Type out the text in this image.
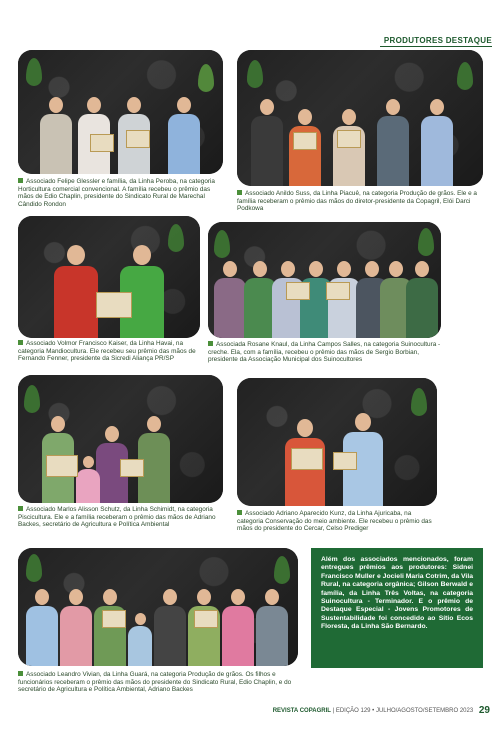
PRODUTORES DESTAQUE
Associado Felipe Glessler e família, da Linha Peroba, na categoria Horticultura comercial convencional. A família recebeu o prêmio das mãos de Edio Chaplin, presidente do Sindicato Rural de Marechal Cândido Rondon
Associado Anildo Suss, da Linha Piacuê, na categoria Produção de grãos. Ele e a família receberam o prêmio das mãos do diretor-presidente da Copagril, Elói Darci Podkowa
Associado Volmor Francisco Kaiser, da Linha Havai, na categoria Mandiocultura. Ele recebeu seu prêmio das mãos de Fernando Fenner, presidente da Sicredi Aliança PR/SP
Associada Rosane Knaul, da Linha Campos Salles, na categoria Suinocultura - creche. Ela, com a família, recebeu o prêmio das mãos de Sergio Borbian, presidente da Associação Municipal dos Suinocultores
Associado Marlos Alisson Schutz, da Linha Schimidt, na categoria Piscicultura. Ele e a família receberam o prêmio das mãos de Adriano Backes, secretário de Agricultura e Política Ambiental
Associado Adriano Aparecido Kunz, da Linha Ajuricaba, na categoria Conservação do meio ambiente. Ele recebeu o prêmio das mãos do presidente do Cercar, Celso Prediger
Associado Leandro Vivian, da Linha Guará, na categoria Produção de grãos. Os filhos e funcionários receberam o prêmio das mãos do presidente do Sindicato Rural, Edio Chaplin, e do secretário de Agricultura e Política Ambiental, Adriano Backes
Além dos associados mencionados, foram entregues prêmios aos produtores: Sidnei Francisco Muller e Jocieli Maria Cotrim, da Vila Rural, na categoria orgânica; Gilson Berwald e família, da Linha Três Voltas, na categoria Suinocultura - Terminador. E o prêmio de Destaque Especial - Jovens Promotores de Sustentabilidade foi concedido ao Sítio Ecos Floresta, da Linha São Bernardo.
REVISTA COPAGRIL | EDIÇÃO 129 • JULHO/AGOSTO/SETEMBRO 2023 29
